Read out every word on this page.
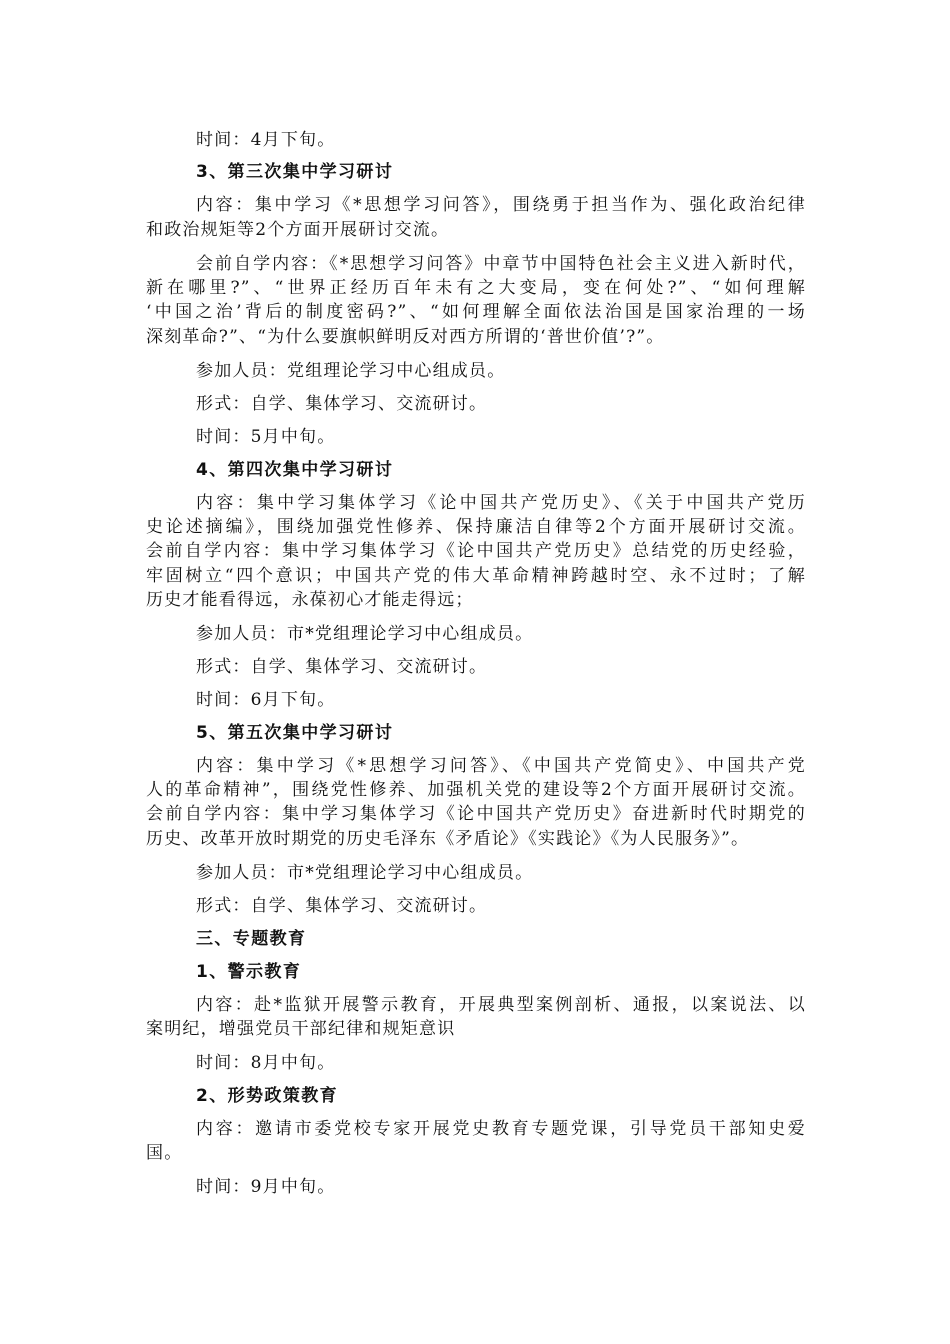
时间：4月下旬。
3、第三次集中学习研讨
内容：集中学习《*思想学习问答》，围绕勇于担当作为、强化政治纪律
和政治规矩等2个方面开展研讨交流。
会前自学内容：《*思想学习问答》中章节中国特色社会主义进入新时代，
新在哪里?”、“世界正经历百年未有之大变局，变在何处?”、“如何理解
‘中国之治’背后的制度密码?”、“如何理解全面依法治国是国家治理的一场
深刻革命?”、“为什么要旗帜鲜明反对西方所谓的‘普世价值’?”。
参加人员：党组理论学习中心组成员。
形式：自学、集体学习、交流研讨。
时间：5月中旬。
4、第四次集中学习研讨
内容：集中学习集体学习《论中国共产党历史》、《关于中国共产党历
史论述摘编》，围绕加强党性修养、保持廉洁自律等2个方面开展研讨交流。
会前自学内容：集中学习集体学习《论中国共产党历史》总结党的历史经验，
牢固树立“四个意识；中国共产党的伟大革命精神跨越时空、永不过时；了解
历史才能看得远，永葆初心才能走得远；
参加人员：市*党组理论学习中心组成员。
形式：自学、集体学习、交流研讨。
时间：6月下旬。
5、第五次集中学习研讨
内容：集中学习《*思想学习问答》、《中国共产党简史》、中国共产党
人的革命精神”，围绕党性修养、加强机关党的建设等2个方面开展研讨交流。
会前自学内容：集中学习集体学习《论中国共产党历史》奋进新时代时期党的
历史、改革开放时期党的历史毛泽东《矛盾论》《实践论》《为人民服务》”。
参加人员：市*党组理论学习中心组成员。
形式：自学、集体学习、交流研讨。
三、专题教育
1、警示教育
内容：赴*监狱开展警示教育，开展典型案例剖析、通报，以案说法、以
案明纪，增强党员干部纪律和规矩意识
时间：8月中旬。
2、形势政策教育
内容：邀请市委党校专家开展党史教育专题党课，引导党员干部知史爱
国。
时间：9月中旬。
